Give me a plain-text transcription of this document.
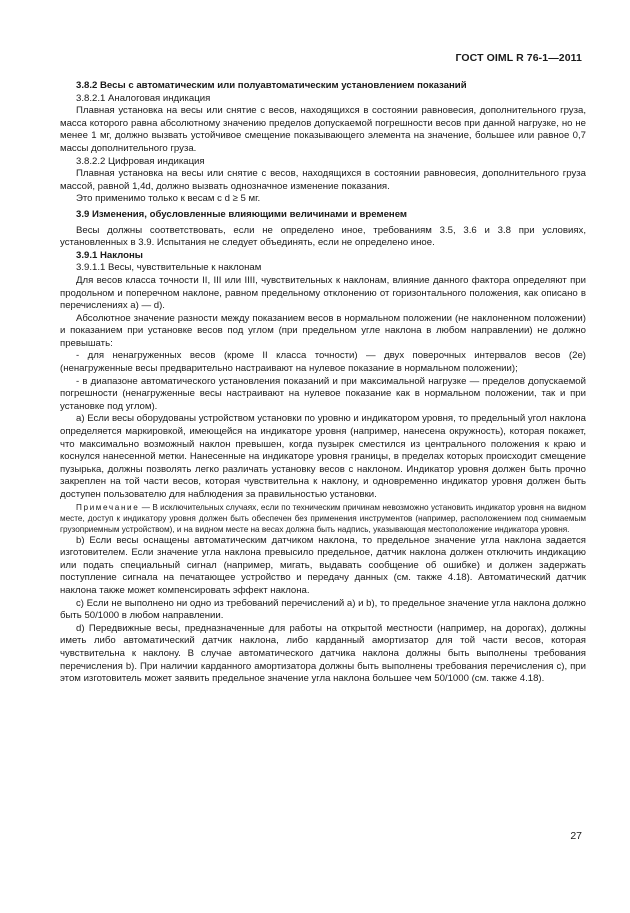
ГОСТ OIML R 76-1—2011

3.8.2 Весы с автоматическим или полуавтоматическим установлением показаний

3.8.2.1 Аналоговая индикация

Плавная установка на весы или снятие с весов, находящихся в состоянии равновесия, дополнительного груза, масса которого равна абсолютному значению пределов допускаемой погрешности весов при данной нагрузке, но не менее 1 мг, должно вызвать устойчивое смещение показывающего элемента на значение, большее или равное 0,7 массы дополнительного груза.

3.8.2.2 Цифровая индикация

Плавная установка на весы или снятие с весов, находящихся в состоянии равновесия, дополнительного груза массой, равной 1,4d, должно вызвать однозначное изменение показания.

Это применимо только к весам с d ≥ 5 мг.

3.9 Изменения, обусловленные влияющими величинами и временем

Весы должны соответствовать, если не определено иное, требованиям 3.5, 3.6 и 3.8 при условиях, установленных в 3.9. Испытания не следует объединять, если не определено иное.

3.9.1 Наклоны

3.9.1.1 Весы, чувствительные к наклонам

Для весов класса точности II, III или IIII, чувствительных к наклонам, влияние данного фактора определяют при продольном и поперечном наклоне, равном предельному отклонению от горизонтального положения, как описано в перечислениях а) — d).

Абсолютное значение разности между показанием весов в нормальном положении (не наклоненном положении) и показанием при установке весов под углом (при предельном угле наклона в любом направлении) не должно превышать:

- для ненагруженных весов (кроме II класса точности) — двух поверочных интервалов весов (2e) (ненагруженные весы предварительно настраивают на нулевое показание в нормальном положении);

- в диапазоне автоматического установления показаний и при максимальной нагрузке — пределов допускаемой погрешности (ненагруженные весы настраивают на нулевое показание как в нормальном положении, так и при установке под углом).

а) Если весы оборудованы устройством установки по уровню и индикатором уровня, то предельный угол наклона определяется маркировкой, имеющейся на индикаторе уровня (например, нанесена окружность), которая покажет, что максимально возможный наклон превышен, когда пузырек сместился из центрального положения к краю и коснулся нанесенной метки. Нанесенные на индикаторе уровня границы, в пределах которых происходит смещение пузырька, должны позволять легко различать установку весов с наклоном. Индикатор уровня должен быть прочно закреплен на той части весов, которая чувствительна к наклону, и одновременно индикатор уровня должен быть доступен пользователю для наблюдения за правильностью установки.

Примечание — В исключительных случаях, если по техническим причинам невозможно установить индикатор уровня на видном месте, доступ к индикатору уровня должен быть обеспечен без применения инструментов (например, расположением под снимаемым грузоприемным устройством), и на видном месте на весах должна быть надпись, указывающая местоположение индикатора уровня.

b) Если весы оснащены автоматическим датчиком наклона, то предельное значение угла наклона задается изготовителем. Если значение угла наклона превысило предельное, датчик наклона должен отключить индикацию или подать специальный сигнал (например, мигать, выдавать сообщение об ошибке) и должен задержать поступление сигнала на печатающее устройство и передачу данных (см. также 4.18). Автоматический датчик наклона также может компенсировать эффект наклона.

с) Если не выполнено ни одно из требований перечислений а) и b), то предельное значение угла наклона должно быть 50/1000 в любом направлении.

d) Передвижные весы, предназначенные для работы на открытой местности (например, на дорогах), должны иметь либо автоматический датчик наклона, либо карданный амортизатор для той части весов, которая чувствительна к наклону. В случае автоматического датчика наклона должны быть выполнены требования перечисления b). При наличии карданного амортизатора должны быть выполнены требования перечисления с), при этом изготовитель может заявить предельное значение угла наклона большее чем 50/1000 (см. также 4.18).

27
